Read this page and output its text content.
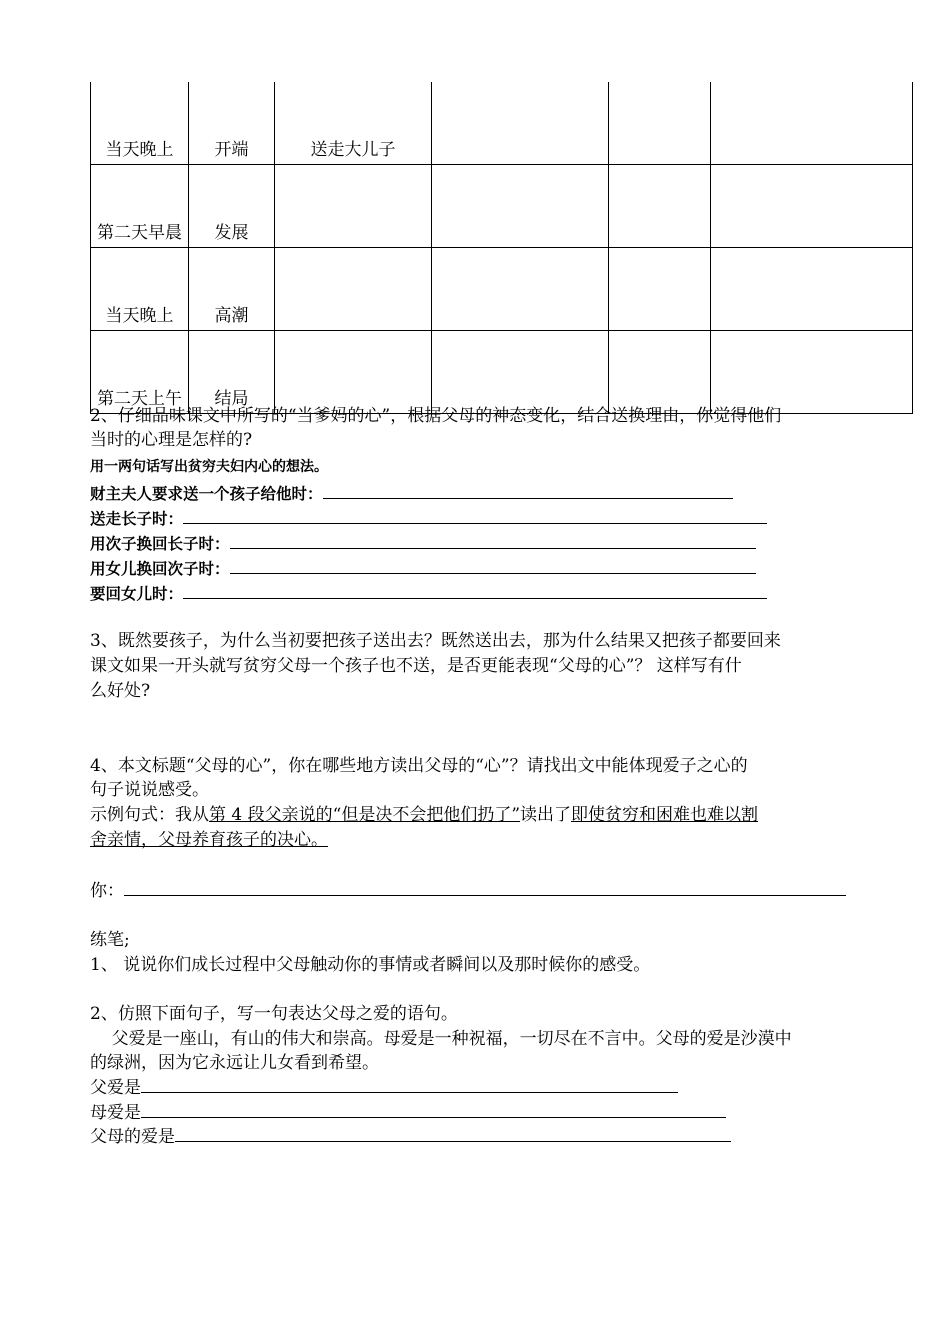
当天晚上	开端	送走大儿子			
第二天早晨	发展				
当天晚上	高潮				
第二天上午	结局				
2、仔细品味课文中所写的“当爹妈的心”，根据父母的神态变化，结合送换理由，你觉得他们
当时的心理是怎样的?
用一两句话写出贫穷夫妇内心的想法。
财主夫人要求送一个孩子给他时：
送走长子时：
用次子换回长子时：
用女儿换回次子时：
要回女儿时：
3、既然要孩子，为什么当初要把孩子送出去？既然送出去，那为什么结果又把孩子都要回来
课文如果一开头就写贫穷父母一个孩子也不送，是否更能表现“父母的心”？ 这样写有什
么好处?
4、本文标题“父母的心”，你在哪些地方读出父母的“心”？请找出文中能体现爱子之心的
句子说说感受。
示例句式：我从第 4 段父亲说的“但是决不会把他们扔了”读出了即使贫穷和困难也难以割
舍亲情，父母养育孩子的决心。
你：
练笔;
1、 说说你们成长过程中父母触动你的事情或者瞬间以及那时候你的感受。
2、仿照下面句子，写一句表达父母之爱的语句。
父爱是一座山，有山的伟大和崇高。母爱是一种祝福，一切尽在不言中。父母的爱是沙漠中
的绿洲，因为它永远让儿女看到希望。
父爱是
母爱是
父母的爱是
